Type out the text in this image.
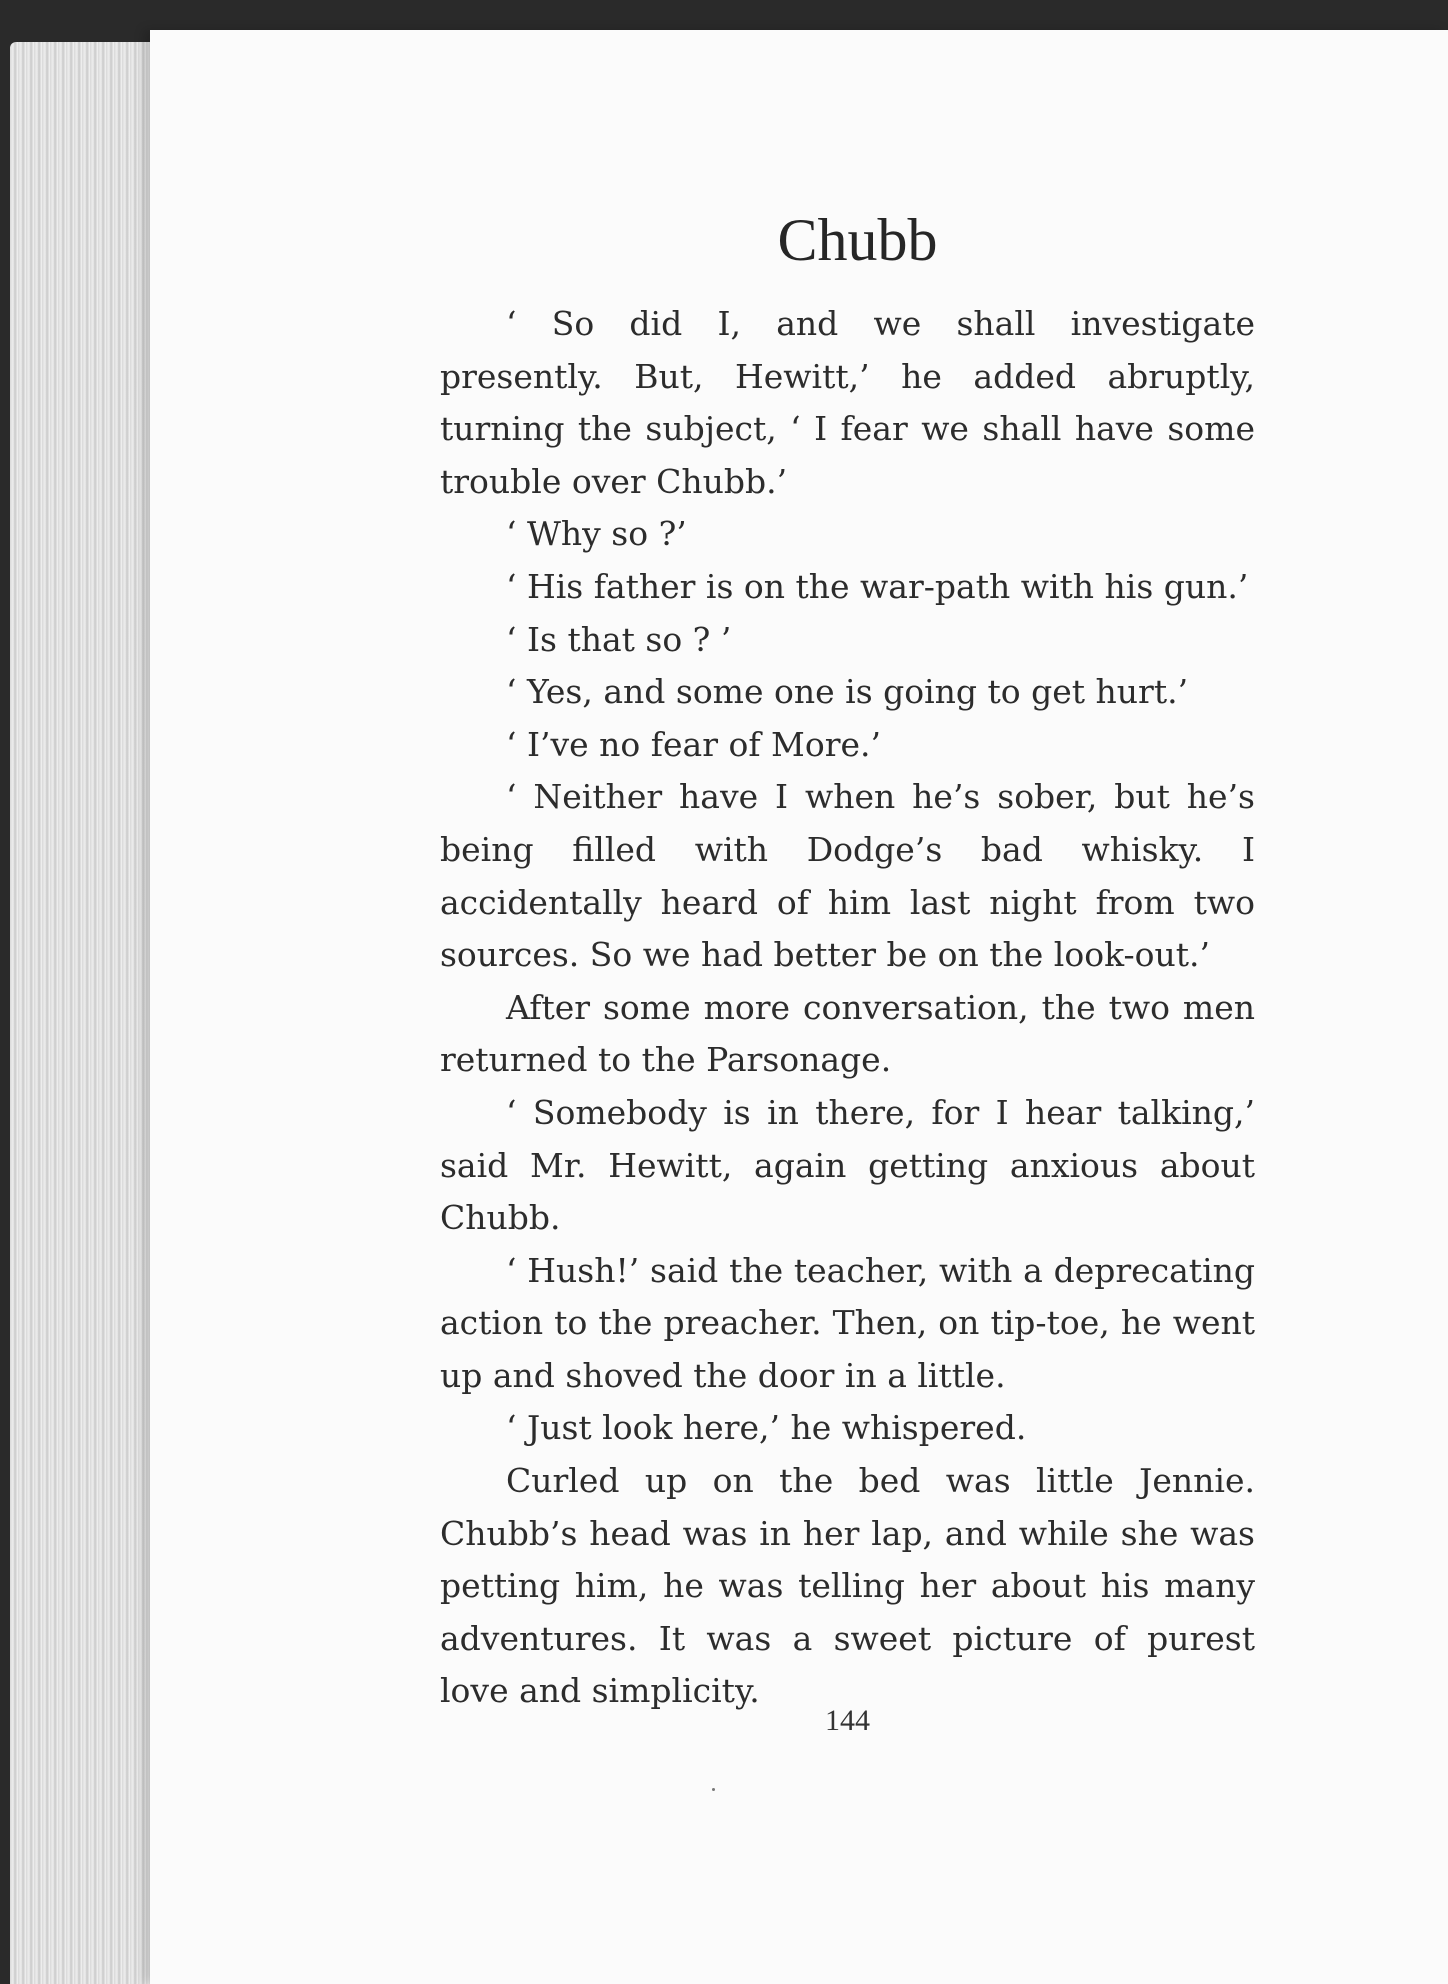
Chubb

‘ So did I, and we shall investigate presently. But, Hewitt,’ he added abruptly, turning the subject, ‘ I fear we shall have some trouble over Chubb.’

‘ Why so ?’

‘ His father is on the war-path with his gun.’

‘ Is that so ? ’

‘ Yes, and some one is going to get hurt.’

‘ I’ve no fear of More.’

‘ Neither have I when he’s sober, but he’s being filled with Dodge’s bad whisky. I accidentally heard of him last night from two sources. So we had better be on the look-out.’

After some more conversation, the two men returned to the Parsonage.

‘ Somebody is in there, for I hear talking,’ said Mr. Hewitt, again getting anxious about Chubb.

‘ Hush!’ said the teacher, with a deprecating action to the preacher. Then, on tip-toe, he went up and shoved the door in a little.

‘ Just look here,’ he whispered.

Curled up on the bed was little Jennie. Chubb’s head was in her lap, and while she was petting him, he was telling her about his many adventures. It was a sweet picture of purest love and simplicity.

144
